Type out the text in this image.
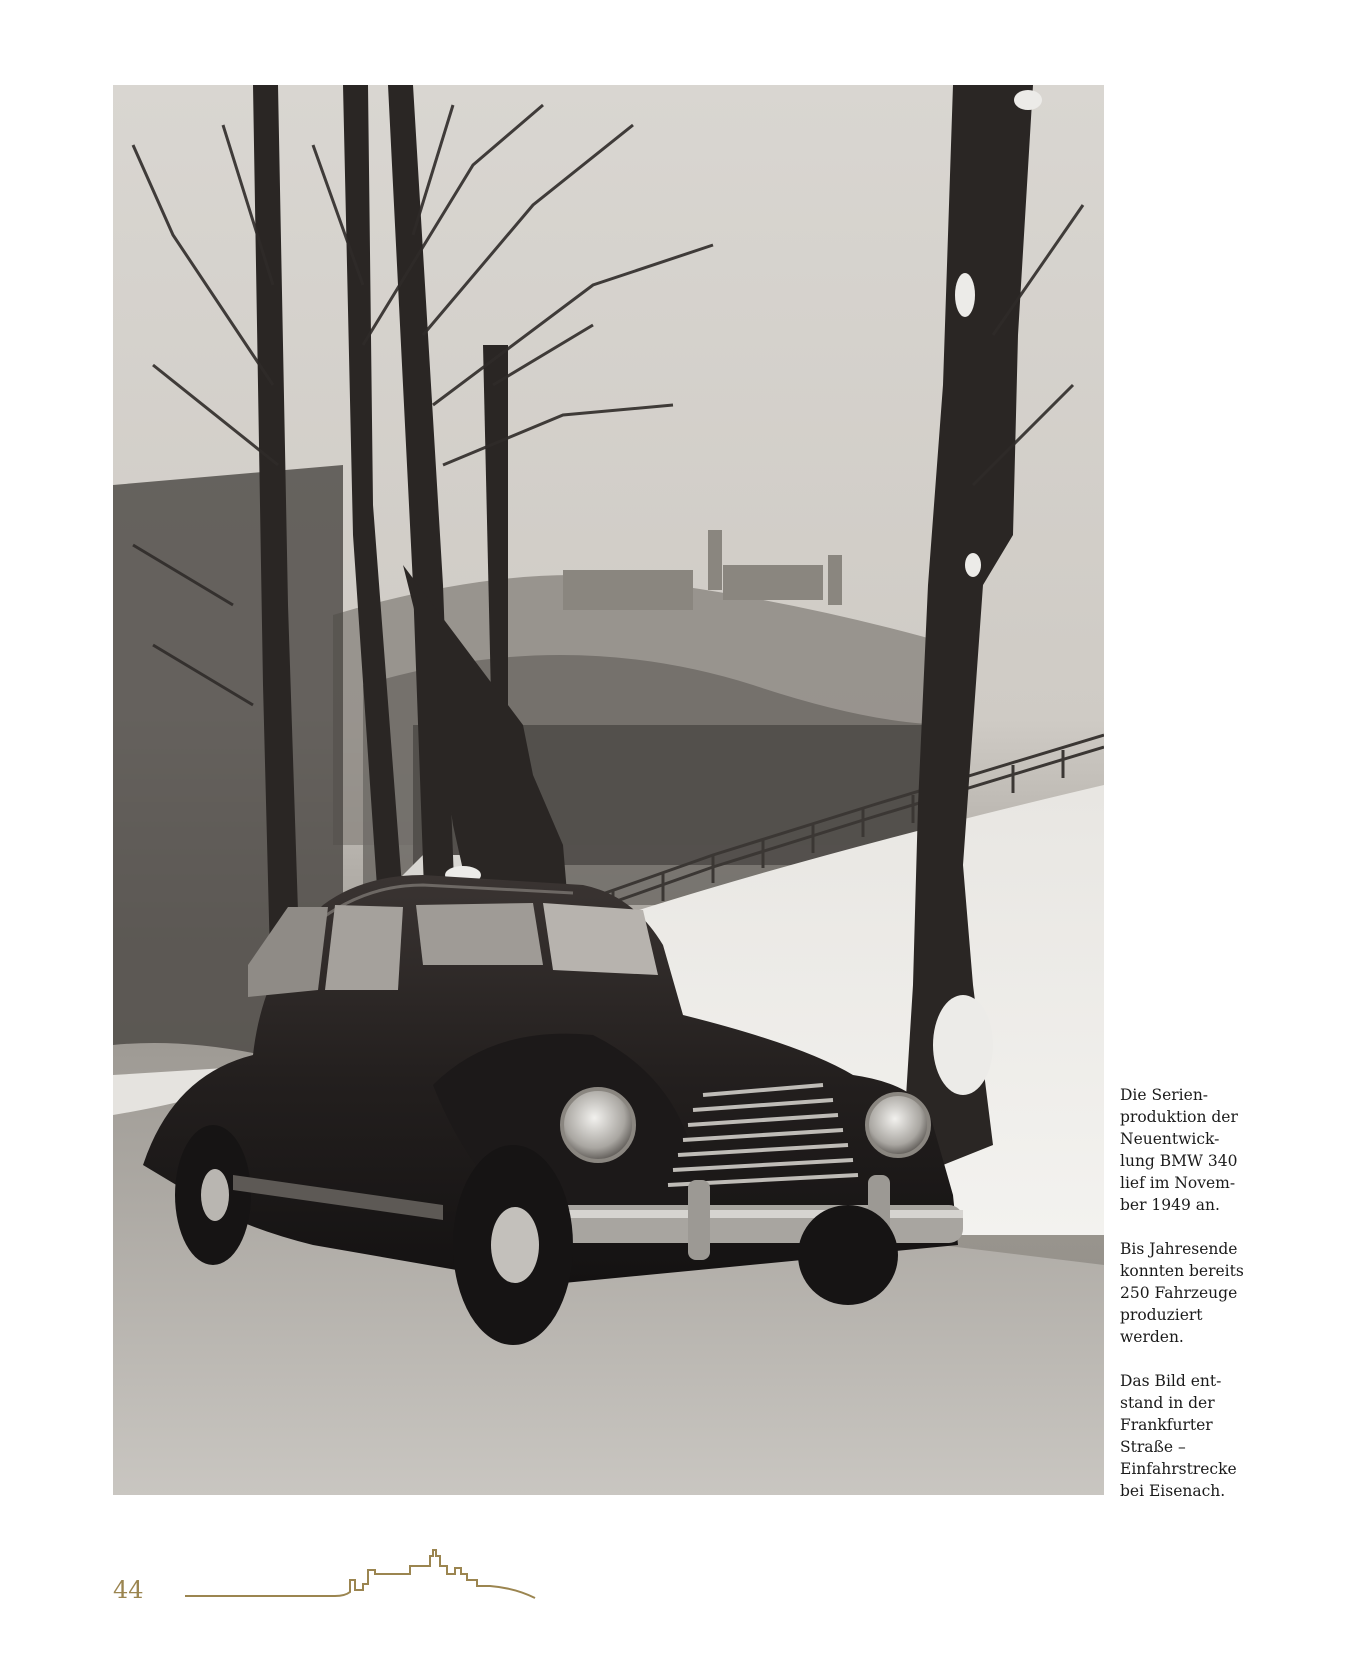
Die Serien-
produktion der
Neuentwick-
lung BMW 340
lief im Novem-
ber 1949 an.

Bis Jahresende
konnten bereits
250 Fahrzeuge
produziert
werden.

Das Bild ent-
stand in der
Frankfurter
Straße –
Einfahrstrecke
bei Eisenach.

44
